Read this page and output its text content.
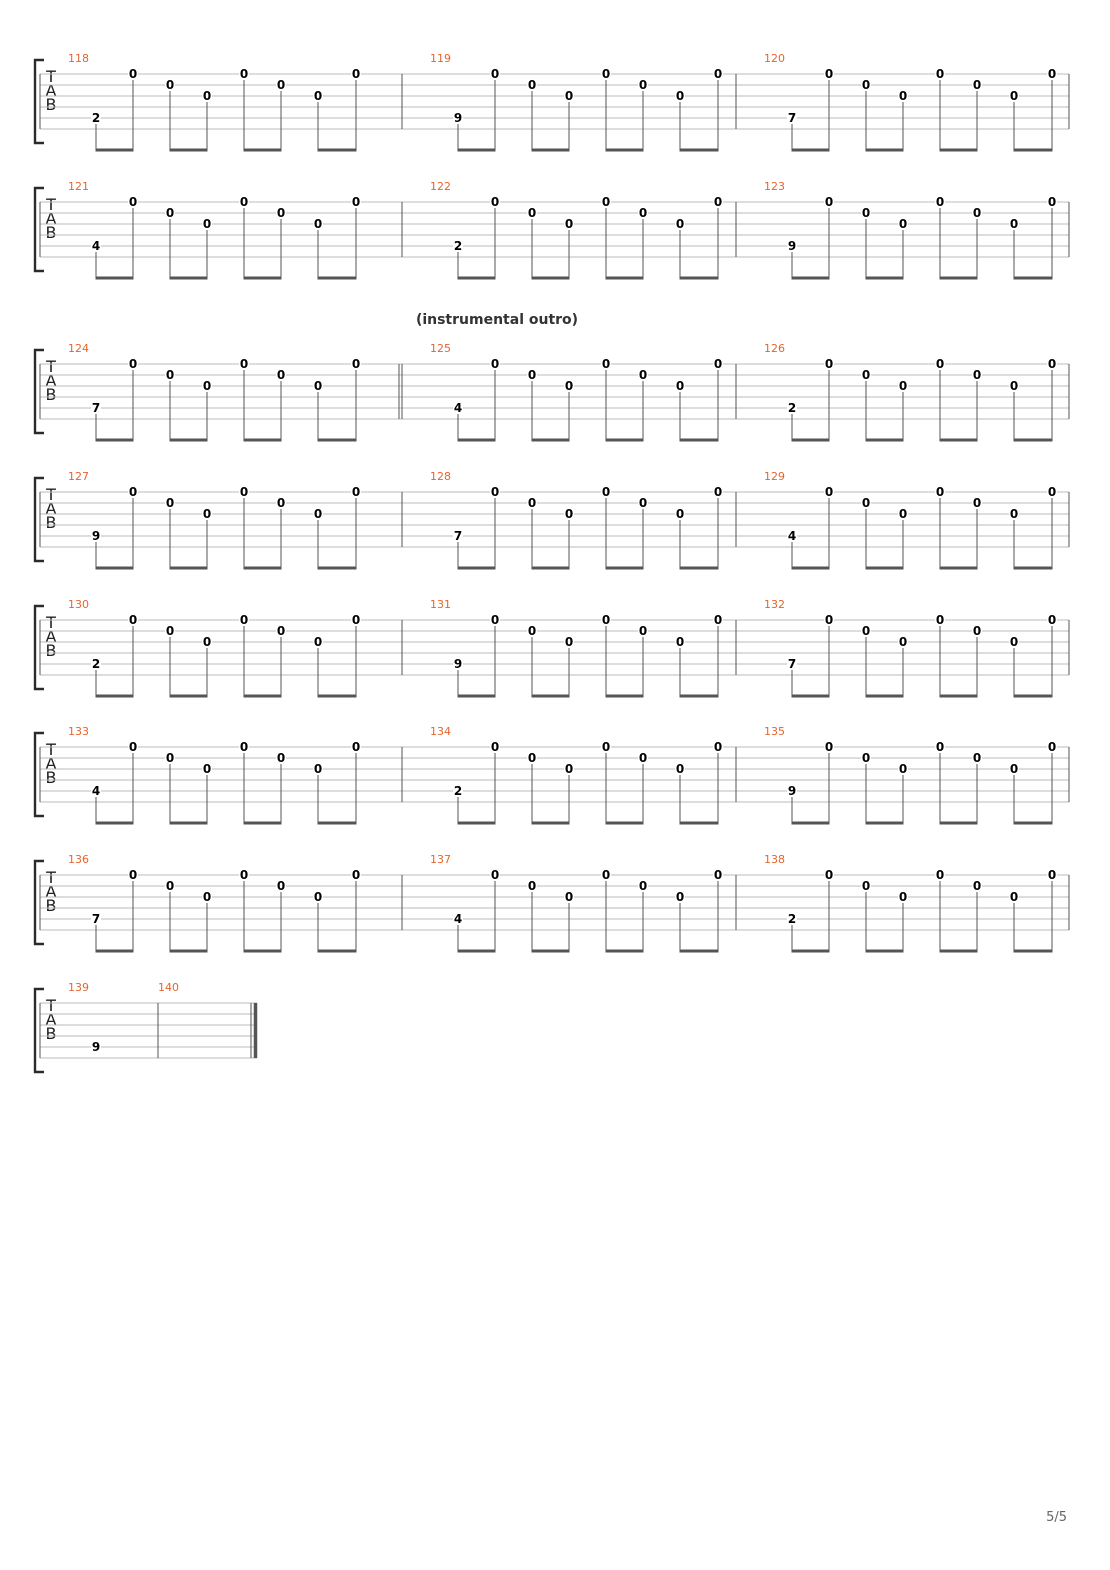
T
A
B
118
2
0
0
0
0
0
0
0
119
9
0
0
0
0
0
0
0
120
7
0
0
0
0
0
0
0
T
A
B
121
4
0
0
0
0
0
0
0
122
2
0
0
0
0
0
0
0
123
9
0
0
0
0
0
0
0
T
A
B
(instrumental outro)
124
7
0
0
0
0
0
0
0
125
4
0
0
0
0
0
0
0
126
2
0
0
0
0
0
0
0
T
A
B
127
9
0
0
0
0
0
0
0
128
7
0
0
0
0
0
0
0
129
4
0
0
0
0
0
0
0
T
A
B
130
2
0
0
0
0
0
0
0
131
9
0
0
0
0
0
0
0
132
7
0
0
0
0
0
0
0
T
A
B
133
4
0
0
0
0
0
0
0
134
2
0
0
0
0
0
0
0
135
9
0
0
0
0
0
0
0
T
A
B
136
7
0
0
0
0
0
0
0
137
4
0
0
0
0
0
0
0
138
2
0
0
0
0
0
0
0
T
A
B
139	140
9
5/5
